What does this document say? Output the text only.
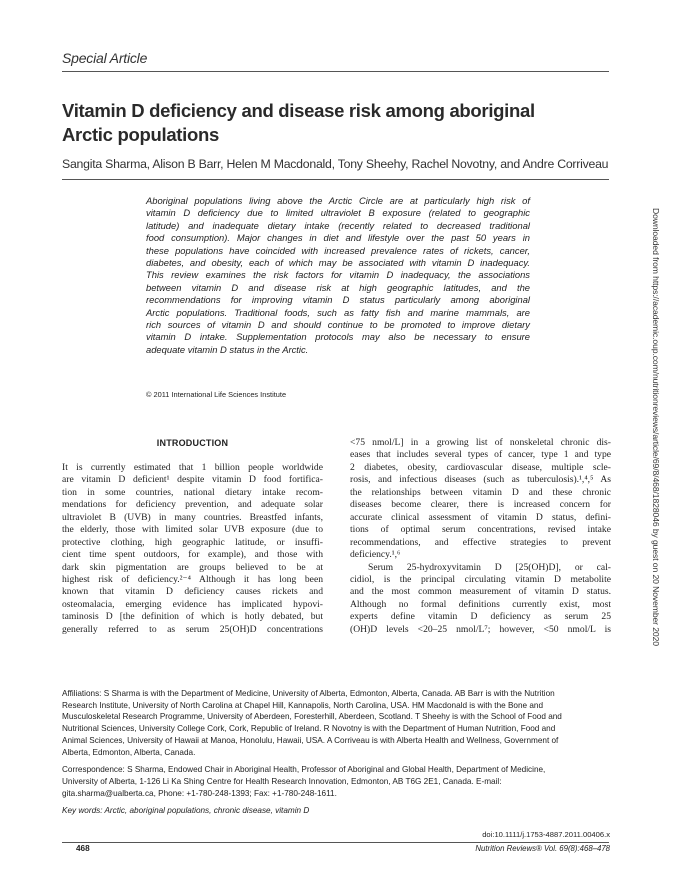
Special Article
Vitamin D deficiency and disease risk among aboriginal
Arctic populations
Sangita Sharma, Alison B Barr, Helen M Macdonald, Tony Sheehy, Rachel Novotny, and Andre Corriveau
Aboriginal populations living above the Arctic Circle are at particularly high risk of
vitamin D deficiency due to limited ultraviolet B exposure (related to geographic
latitude) and inadequate dietary intake (recently related to decreased traditional
food consumption). Major changes in diet and lifestyle over the past 50 years in
these populations have coincided with increased prevalence rates of rickets, cancer,
diabetes, and obesity, each of which may be associated with vitamin D inadequacy.
This review examines the risk factors for vitamin D inadequacy, the associations
between vitamin D and disease risk at high geographic latitudes, and the
recommendations for improving vitamin D status particularly among aboriginal
Arctic populations. Traditional foods, such as fatty fish and marine mammals, are
rich sources of vitamin D and should continue to be promoted to improve dietary
vitamin D intake. Supplementation protocols may also be necessary to ensure
adequate vitamin D status in the Arctic.
© 2011 International Life Sciences Institute	Downloaded from https://academic.oup.com/nutritionreviews/article/69/8/468/1828046 by guest on 20 November 2020
INTRODUCTION
It is currently estimated that 1 billion people worldwide
are vitamin D deficient¹ despite vitamin D food fortifica-
tion in some countries, national dietary intake recom-
mendations for deficiency prevention, and adequate solar
ultraviolet B (UVB) in many countries. Breastfed infants,
the elderly, those with limited solar UVB exposure (due to
protective clothing, high geographic latitude, or insuffi-
cient time spent outdoors, for example), and those with
dark skin pigmentation are groups believed to be at
highest risk of deficiency.²⁻⁴ Although it has long been
known that vitamin D deficiency causes rickets and
osteomalacia, emerging evidence has implicated hypovi-
taminosis D [the definition of which is hotly debated, but
generally referred to as serum 25(OH)D concentrations
<75 nmol/L] in a growing list of nonskeletal chronic dis-
eases that includes several types of cancer, type 1 and type
2 diabetes, obesity, cardiovascular disease, multiple scle-
rosis, and infectious diseases (such as tuberculosis).¹,⁴,⁵ As
the relationships between vitamin D and these chronic
diseases become clearer, there is increased concern for
accurate clinical assessment of vitamin D status, defini-
tions of optimal serum concentrations, revised intake
recommendations, and effective strategies to prevent
deficiency.¹,⁶
Serum 25-hydroxyvitamin D [25(OH)D], or cal-
cidiol, is the principal circulating vitamin D metabolite
and the most common measurement of vitamin D status.
Although no formal definitions currently exist, most
experts define vitamin D deficiency as serum 25
(OH)D levels <20–25 nmol/L⁷; however, <50 nmol/L is
Affiliations: S Sharma is with the Department of Medicine, University of Alberta, Edmonton, Alberta, Canada. AB Barr is with the Nutrition
Research Institute, University of North Carolina at Chapel Hill, Kannapolis, North Carolina, USA. HM Macdonald is with the Bone and
Musculoskeletal Research Programme, University of Aberdeen, Foresterhill, Aberdeen, Scotland. T Sheehy is with the School of Food and
Nutritional Sciences, University College Cork, Cork, Republic of Ireland. R Novotny is with the Department of Human Nutrition, Food and
Animal Sciences, University of Hawaii at Manoa, Honolulu, Hawaii, USA. A Corriveau is with Alberta Health and Wellness, Government of
Alberta, Edmonton, Alberta, Canada.
Correspondence: S Sharma, Endowed Chair in Aboriginal Health, Professor of Aboriginal and Global Health, Department of Medicine,
University of Alberta, 1-126 Li Ka Shing Centre for Health Research Innovation, Edmonton, AB T6G 2E1, Canada. E-mail:
gita.sharma@ualberta.ca, Phone: +1-780-248-1393; Fax: +1-780-248-1611.
Key words: Arctic, aboriginal populations, chronic disease, vitamin D
doi:10.1111/j.1753-4887.2011.00406.x
468	Nutrition Reviews® Vol. 69(8):468–478
